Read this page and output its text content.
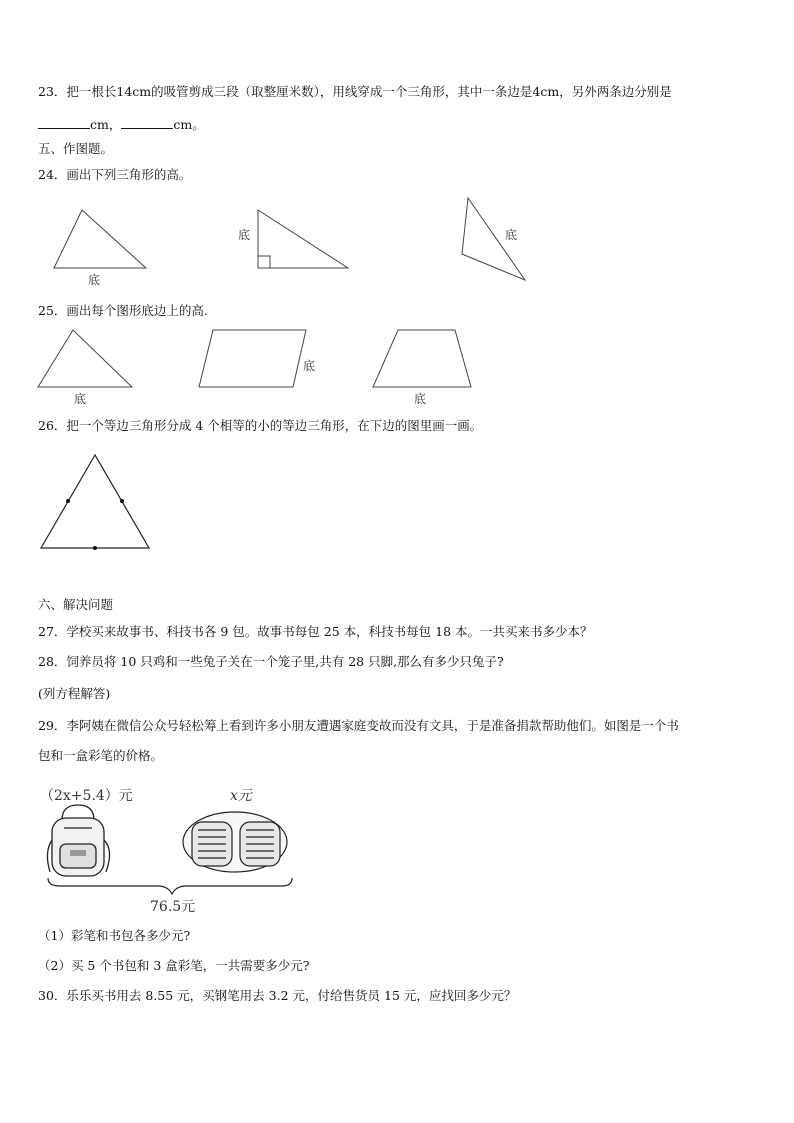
23．把一根长14cm的吸管剪成三段（取整厘米数），用线穿成一个三角形，其中一条边是4cm，另外两条边分别是
cm，	cm。
五、作图题。
24．画出下列三角形的高。
底
底	底
25．画出每个图形底边上的高.
底
底
底
26．把一个等边三角形分成 4 个相等的小的等边三角形，在下边的图里画一画。
六、解决问题
27．学校买来故事书、科技书各 9 包。故事书每包 25 本，科技书每包 18 本。一共买来书多少本？
28．饲养员将 10 只鸡和一些兔子关在一个笼子里,共有 28 只脚,那么有多少只兔子?
(列方程解答)
29．李阿姨在微信公众号轻松筹上看到许多小朋友遭遇家庭变故而没有文具，于是准备捐款帮助他们。如图是一个书
包和一盒彩笔的价格。
（2x+5.4）元	x元
76.5元
（1）彩笔和书包各多少元?
（2）买 5 个书包和 3 盒彩笔，一共需要多少元?
30．乐乐买书用去 8.55 元，买钢笔用去 3.2 元，付给售货员 15 元，应找回多少元？
